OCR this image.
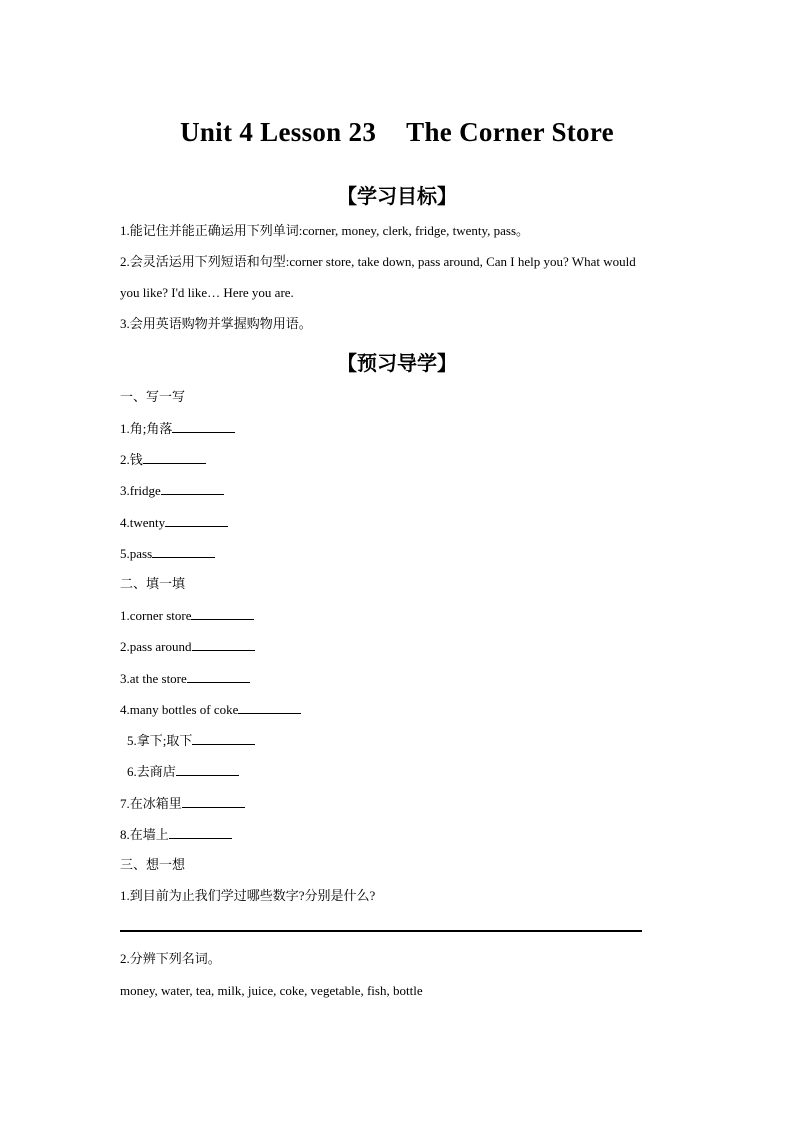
Unit 4 Lesson 23 The Corner Store
【学习目标】
1.能记住并能正确运用下列单词:corner, money, clerk, fridge, twenty, pass。
2.会灵活运用下列短语和句型:corner store, take down, pass around, Can I help you? What would
you like? I'd like… Here you are.
3.会用英语购物并掌握购物用语。
【预习导学】
一、写一写
1.角;角落
2.钱
3.fridge
4.twenty
5.pass
二、填一填
1.corner store
2.pass around
3.at the store
4.many bottles of coke
5.拿下;取下
6.去商店
7.在冰箱里
8.在墙上
三、想一想
1.到目前为止我们学过哪些数字?分别是什么?
2.分辨下列名词。
money, water, tea, milk, juice, coke, vegetable, fish, bottle
